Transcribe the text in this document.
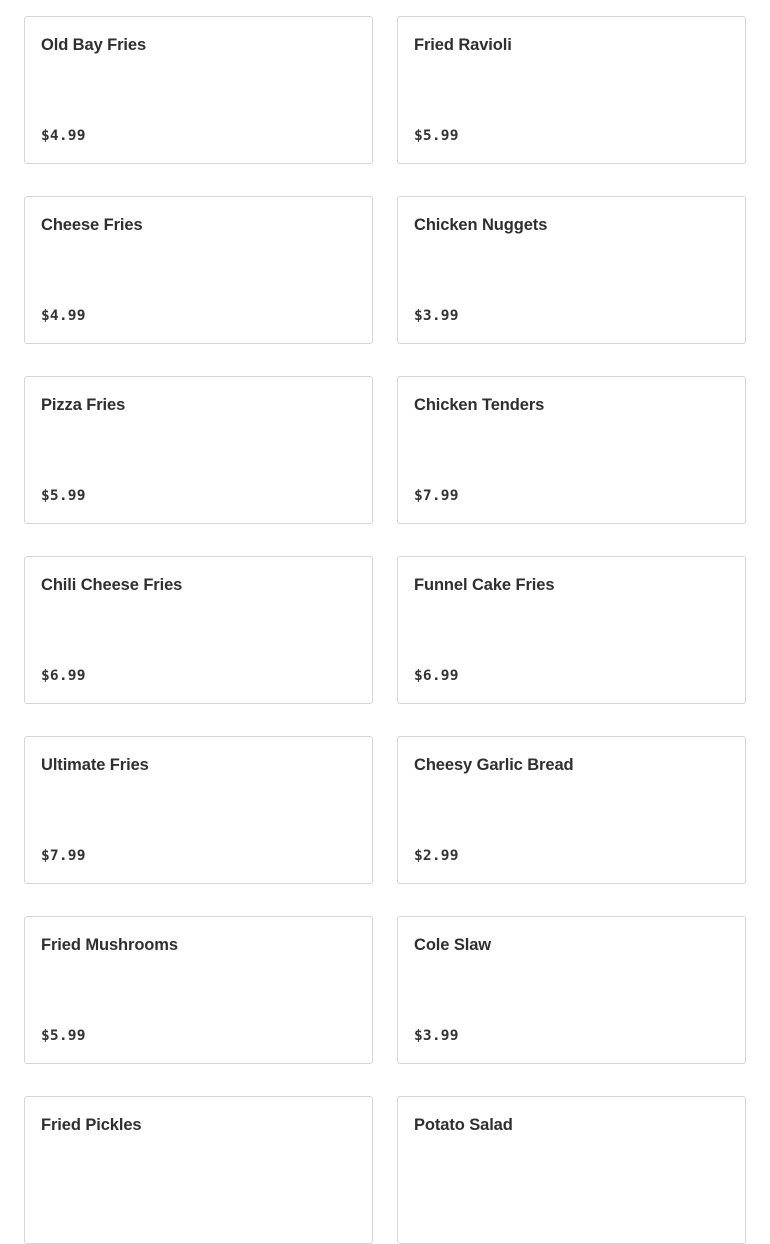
Old Bay Fries
$4.99
Fried Ravioli
$5.99
Cheese Fries
$4.99
Chicken Nuggets
$3.99
Pizza Fries
$5.99
Chicken Tenders
$7.99
Chili Cheese Fries
$6.99
Funnel Cake Fries
$6.99
Ultimate Fries
$7.99
Cheesy Garlic Bread
$2.99
Fried Mushrooms
$5.99
Cole Slaw
$3.99
Fried Pickles	Potato Salad
